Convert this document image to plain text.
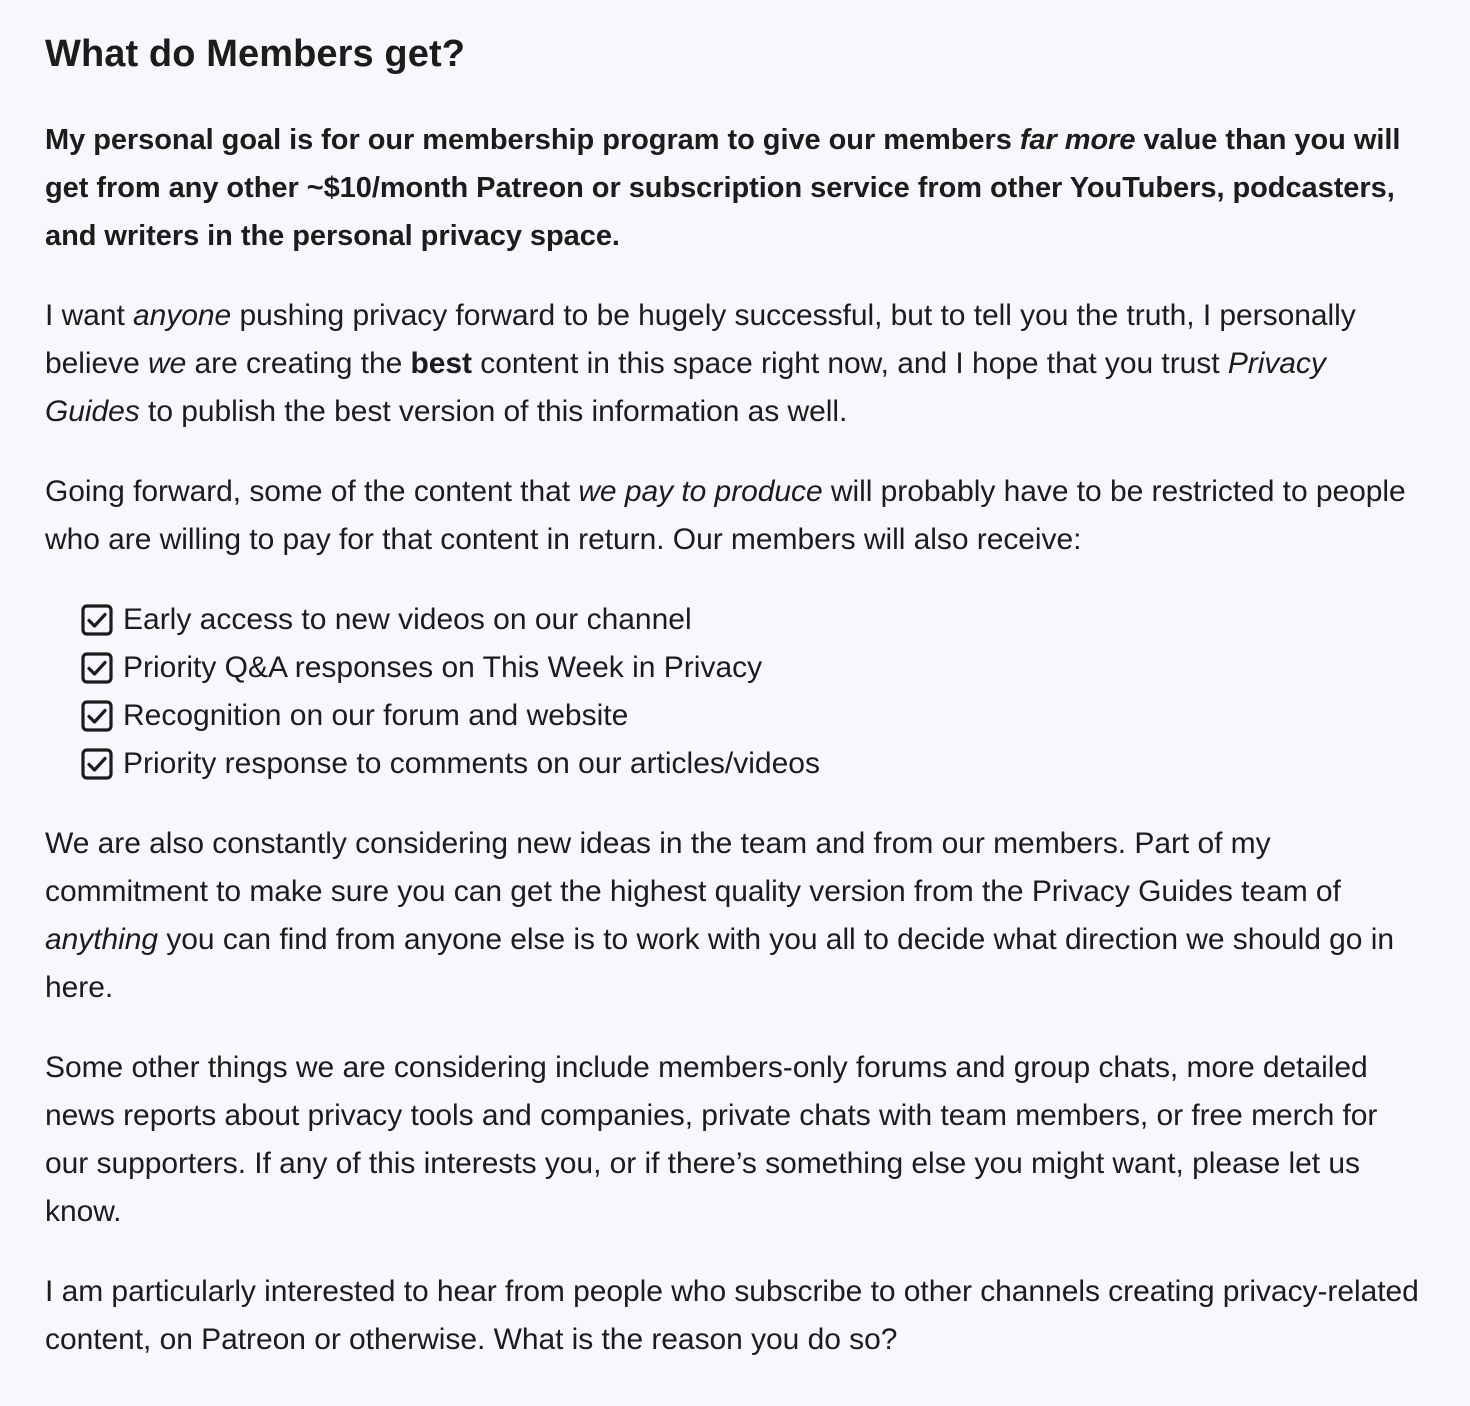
What do Members get?

My personal goal is for our membership program to give our members far more value than you will get from any other ~$10/month Patreon or subscription service from other YouTubers, podcasters, and writers in the personal privacy space.

I want anyone pushing privacy forward to be hugely successful, but to tell you the truth, I personally believe we are creating the best content in this space right now, and I hope that you trust Privacy Guides to publish the best version of this information as well.

Going forward, some of the content that we pay to produce will probably have to be restricted to people who are willing to pay for that content in return. Our members will also receive:

Early access to new videos on our channel
Priority Q&A responses on This Week in Privacy
Recognition on our forum and website
Priority response to comments on our articles/videos

We are also constantly considering new ideas in the team and from our members. Part of my commitment to make sure you can get the highest quality version from the Privacy Guides team of anything you can find from anyone else is to work with you all to decide what direction we should go in here.

Some other things we are considering include members-only forums and group chats, more detailed news reports about privacy tools and companies, private chats with team members, or free merch for our supporters. If any of this interests you, or if there’s something else you might want, please let us know.

I am particularly interested to hear from people who subscribe to other channels creating privacy-related content, on Patreon or otherwise. What is the reason you do so?
